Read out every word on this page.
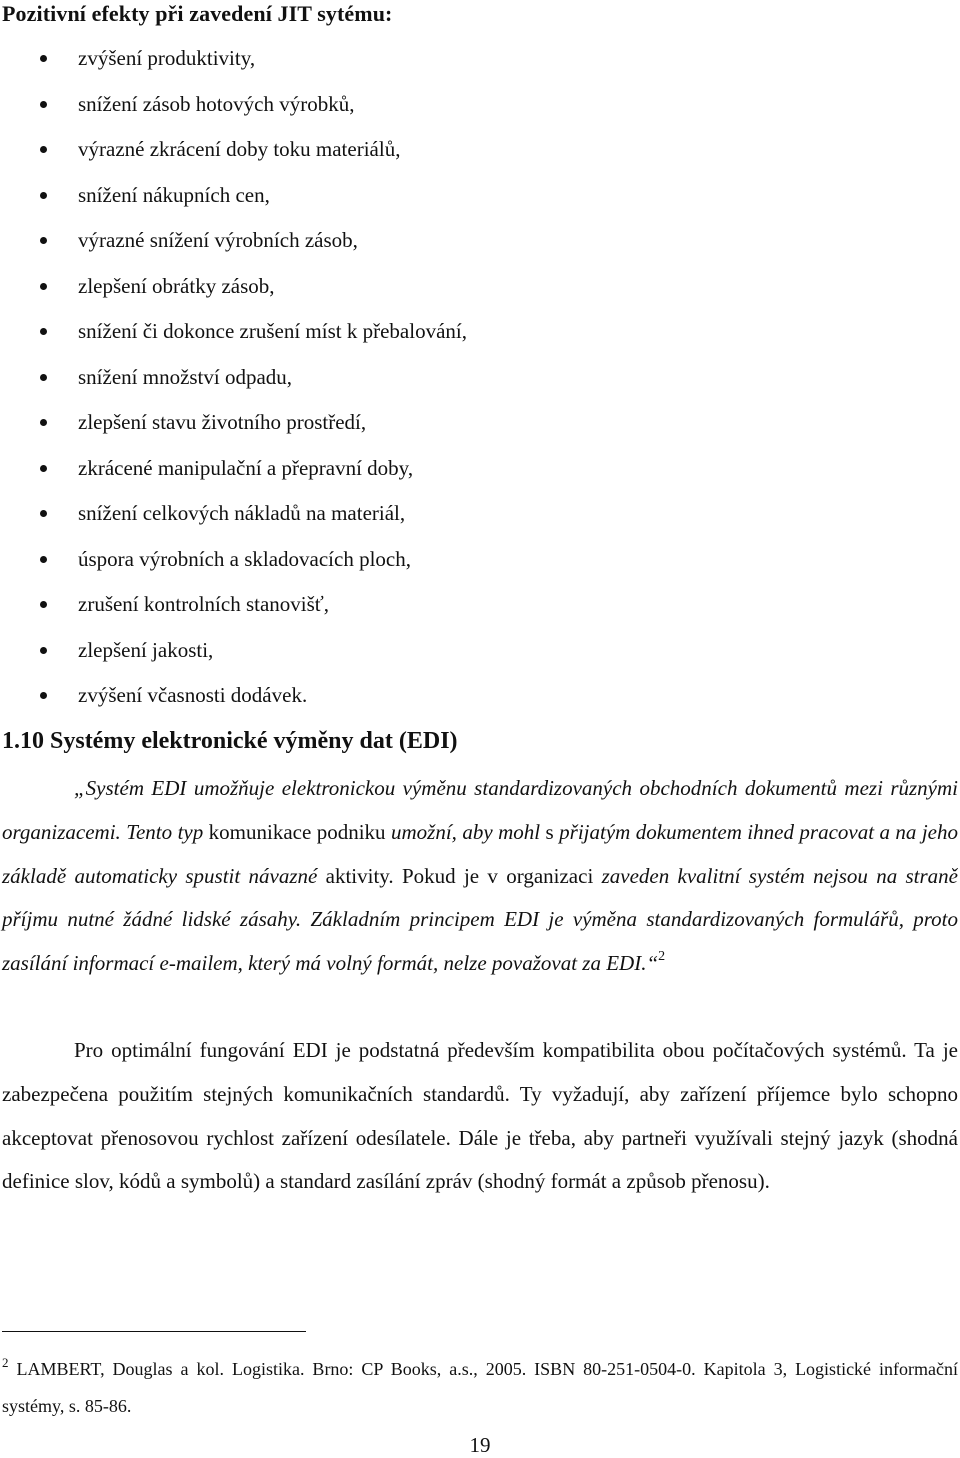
Pozitivní efekty při zavedení JIT sytému:
zvýšení produktivity,
snížení zásob hotových výrobků,
výrazné zkrácení doby toku materiálů,
snížení nákupních cen,
výrazné snížení výrobních zásob,
zlepšení obrátky zásob,
snížení či dokonce zrušení míst k přebalování,
snížení množství odpadu,
zlepšení stavu životního prostředí,
zkrácené manipulační a přepravní doby,
snížení celkových nákladů na materiál,
úspora výrobních a skladovacích ploch,
zrušení kontrolních stanovišť,
zlepšení jakosti,
zvýšení včasnosti dodávek.
1.10 Systémy elektronické výměny dat (EDI)

„Systém EDI umožňuje elektronickou výměnu standardizovaných obchodních dokumentů mezi různými organizacemi. Tento typ komunikace podniku umožní, aby mohl s přijatým dokumentem ihned pracovat a na jeho základě automaticky spustit návazné aktivity. Pokud je v organizaci zaveden kvalitní systém nejsou na straně příjmu nutné žádné lidské zásahy. Základním principem EDI je výměna standardizovaných formulářů, proto zasílání informací e-mailem, který má volný formát, nelze považovat za EDI.“$^2$

Pro optimální fungování EDI je podstatná především kompatibilita obou počítačových systémů. Ta je zabezpečena použitím stejných komunikačních standardů. Ty vyžadují, aby zařízení příjemce bylo schopno akceptovat přenosovou rychlost zařízení odesílatele. Dále je třeba, aby partneři využívali stejný jazyk (shodná definice slov, kódů a symbolů) a standard zasílání zpráv (shodný formát a způsob přenosu).

$^2$ LAMBERT, Douglas a kol. Logistika. Brno: CP Books, a.s., 2005. ISBN 80-251-0504-0. Kapitola 3, Logistické informační systémy, s. 85-86.

19
